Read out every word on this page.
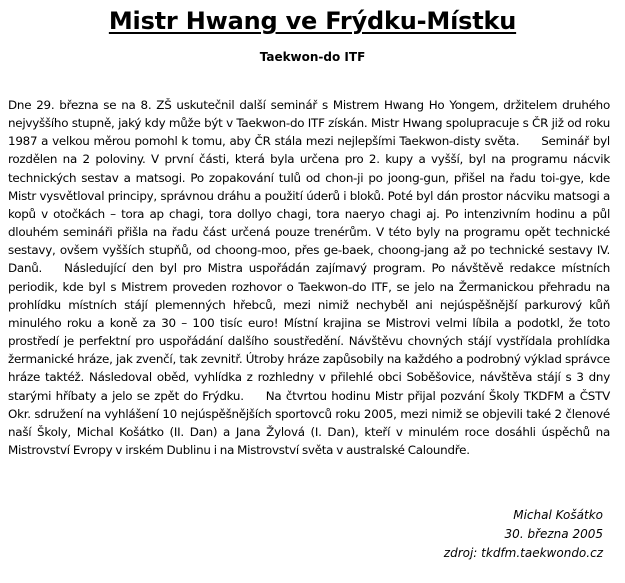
Mistr Hwang ve Frýdku-Místku
Taekwon-do ITF
Dne 29. března se na 8. ZŠ uskutečnil další seminář s Mistrem Hwang Ho Yongem, držitelem druhého nejvyššího stupně, jaký kdy může být v Taekwon-do ITF získán. Mistr Hwang spolupracuje s ČR již od roku 1987 a velkou měrou pomohl k tomu, aby ČR stála mezi nejlepšími Taekwon-disty světa. Seminář byl rozdělen na 2 poloviny. V první části, která byla určena pro 2. kupy a vyšší, byl na programu nácvik technických sestav a matsogi. Po zopakování tulů od chon-ji po joong-gun, přišel na řadu toi-gye, kde Mistr vysvětloval principy, správnou dráhu a použití úderů i bloků. Poté byl dán prostor nácviku matsogi a kopů v otočkách – tora ap chagi, tora dollyo chagi, tora naeryo chagi aj. Po intenzivním hodinu a půl dlouhém semináři přišla na řadu část určená pouze trenérům. V této byly na programu opět technické sestavy, ovšem vyšších stupňů, od choong-moo, přes ge-baek, choong-jang až po technické sestavy IV. Danů. Následující den byl pro Mistra uspořádán zajímavý program. Po návštěvě redakce místních periodik, kde byl s Mistrem proveden rozhovor o Taekwon-do ITF, se jelo na Žermanickou přehradu na prohlídku místních stájí plemenných hřebců, mezi nimiž nechyběl ani nejúspěšnější parkurový kůň minulého roku a koně za 30 – 100 tisíc euro! Místní krajina se Mistrovi velmi líbila a podotkl, že toto prostředí je perfektní pro uspořádání dalšího soustředění. Návštěvu chovných stájí vystřídala prohlídka žermanické hráze, jak zvenčí, tak zevnitř. Útroby hráze zapůsobily na každého a podrobný výklad správce hráze taktéž. Následoval oběd, vyhlídka z rozhledny v přilehlé obci Soběšovice, návštěva stájí s 3 dny starými hříbaty a jelo se zpět do Frýdku. Na čtvrtou hodinu Mistr přijal pozvání Školy TKDFM a ČSTV Okr. sdružení na vyhlášení 10 nejúspěšnějších sportovců roku 2005, mezi nimiž se objevili také 2 členové naší Školy, Michal Košátko (II. Dan) a Jana Žylová (I. Dan), kteří v minulém roce dosáhli úspěchů na Mistrovství Evropy v irském Dublinu i na Mistrovství světa v australské Caloundře.
Michal Košátko
30. března 2005
zdroj: tkdfm.taekwondo.cz
